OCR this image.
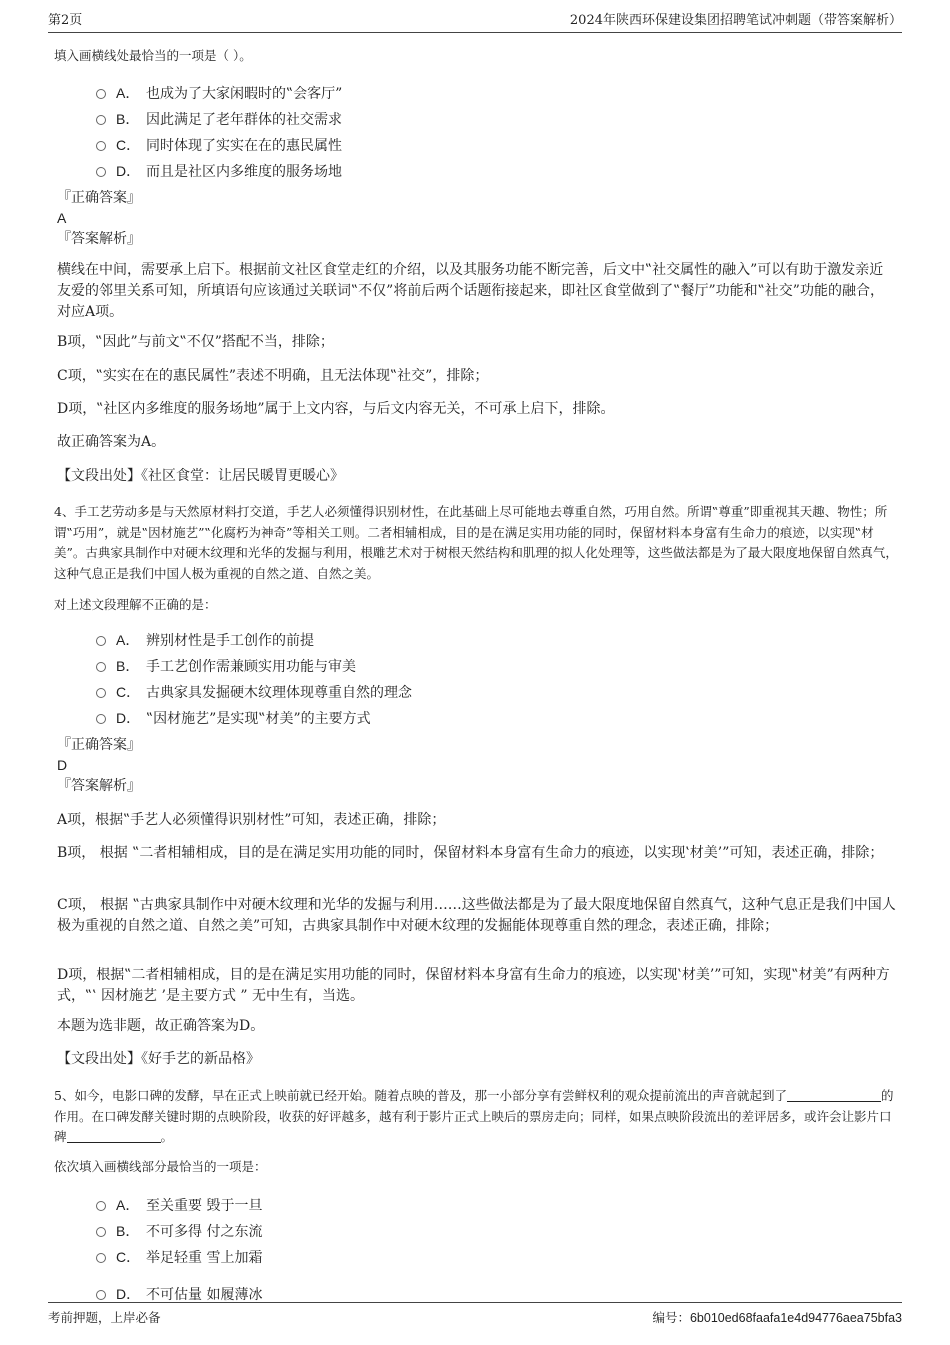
第2页	2024年陕西环保建设集团招聘笔试冲刺题（带答案解析）

填入画横线处最恰当的一项是（ ）。

A． 也成为了大家闲暇时的‟会客厅”
B． 因此满足了老年群体的社交需求
C． 同时体现了实实在在的惠民属性
D． 而且是社区内多维度的服务场地

『正确答案』

A

『答案解析』

横线在中间，需要承上启下。根据前文社区食堂走红的介绍，以及其服务功能不断完善，后文中‟社交属性的融入”可以有助于激发亲近友爱的邻里关系可知，所填语句应该通过关联词‟不仅”将前后两个话题衔接起来，即社区食堂做到了‟餐厅”功能和‟社交”功能的融合，对应A项。

B项，‟因此”与前文‟不仅”搭配不当，排除；

C项，‟实实在在的惠民属性”表述不明确，且无法体现‟社交”，排除；

D项，‟社区内多维度的服务场地”属于上文内容，与后文内容无关，不可承上启下，排除。

故正确答案为A。

【文段出处】《社区食堂：让居民暖胃更暖心》

4、手工艺劳动多是与天然原材料打交道，手艺人必须懂得识别材性，在此基础上尽可能地去尊重自然，巧用自然。所谓‟尊重”即重视其天趣、物性；所谓‟巧用”，就是‟因材施艺”‟化腐朽为神奇”等相关工则。二者相辅相成，目的是在满足实用功能的同时，保留材料本身富有生命力的痕迹，以实现‟材美”。古典家具制作中对硬木纹理和光华的发掘与利用，根雕艺术对于树根天然结构和肌理的拟人化处理等，这些做法都是为了最大限度地保留自然真气，这种气息正是我们中国人极为重视的自然之道、自然之美。

对上述文段理解不正确的是：

A． 辨别材性是手工创作的前提
B． 手工艺创作需兼顾实用功能与审美
C． 古典家具发掘硬木纹理体现尊重自然的理念
D． ‟因材施艺”是实现‟材美”的主要方式

『正确答案』

D

『答案解析』

A项，根据‟手艺人必须懂得识别材性”可知，表述正确，排除；

B项， 根据 ‟二者相辅相成，目的是在满足实用功能的同时，保留材料本身富有生命力的痕迹，以实现‛材美’”可知，表述正确，排除；

C项， 根据 ‟古典家具制作中对硬木纹理和光华的发掘与利用……这些做法都是为了最大限度地保留自然真气，这种气息正是我们中国人极为重视的自然之道、自然之美”可知，古典家具制作中对硬木纹理的发掘能体现尊重自然的理念，表述正确，排除；

D项，根据‟二者相辅相成，目的是在满足实用功能的同时，保留材料本身富有生命力的痕迹，以实现‛材美’”可知，实现‟材美”有两种方式，‟‛ 因材施艺 ’是主要方式 ” 无中生有，当选。

本题为选非题，故正确答案为D。

【文段出处】《好手艺的新品格》

5、如今，电影口碑的发酵，早在正式上映前就已经开始。随着点映的普及，那一小部分享有尝鲜权利的观众提前流出的声音就起到了	的作用。在口碑发酵关键时期的点映阶段，收获的好评越多，越有利于影片正式上映后的票房走向；同样，如果点映阶段流出的差评居多，或许会让影片口碑	。

依次填入画横线部分最恰当的一项是：

A． 至关重要 毁于一旦
B． 不可多得 付之东流
C． 举足轻重 雪上加霜
D． 不可估量 如履薄冰
考前押题，上岸必备	编号：6b010ed68faafa1e4d94776aea75bfa3
